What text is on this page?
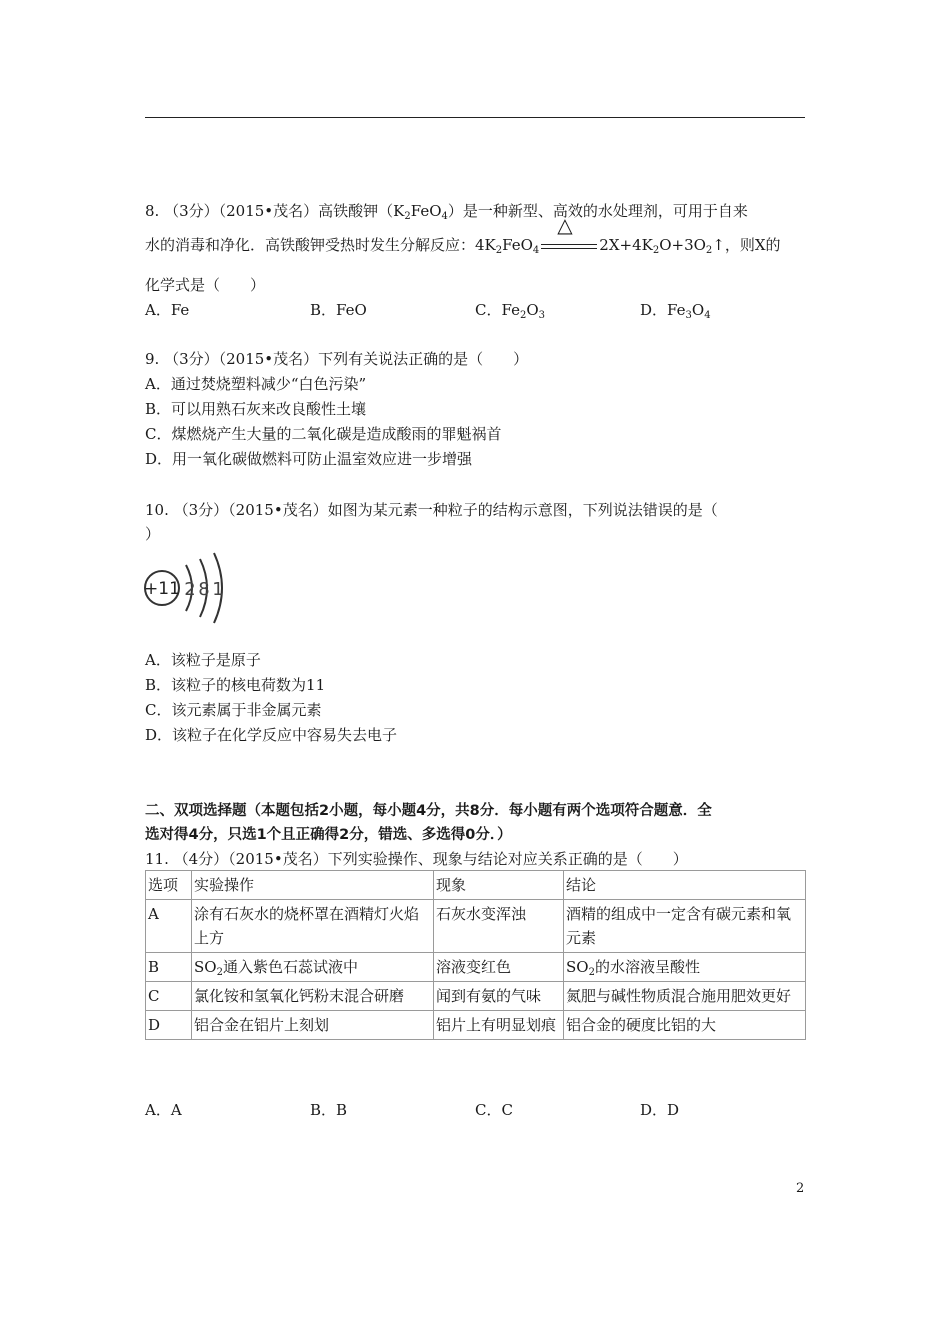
8. （3分）（2015•茂名）高铁酸钾$(K_2FeO_4)$是一种新型、高效的水处理剂，可用于自来
水的消毒和净化．高铁酸钾受热时发生分解反应：$4K_2FeO_4$
△
$2X+4K_2O+3O_2↑$，则X的
化学式是（　　）
A．Fe	B．FeO	C．$Fe_2O_3$	D．$Fe_3O_4$
9. （3分）（2015•茂名）下列有关说法正确的是（　　）
A．通过焚烧塑料减少“白色污染”
B．可以用熟石灰来改良酸性土壤
C．煤燃烧产生大量的二氧化碳是造成酸雨的罪魁祸首
D．用一氧化碳做燃料可防止温室效应进一步增强
10. （3分）（2015•茂名）如图为某元素一种粒子的结构示意图，下列说法错误的是（
）
+11 2 8 1
A．该粒子是原子
B．该粒子的核电荷数为11
C．该元素属于非金属元素
D．该粒子在化学反应中容易失去电子
二、双项选择题（本题包括2小题，每小题4分，共8分．每小题有两个选项符合题意．全
选对得4分，只选1个且正确得2分，错选、多选得0分．）
11. （4分）（2015•茂名）下列实验操作、现象与结论对应关系正确的是（　　）
选项	实验操作	现象	结论
A	涂有石灰水的烧杯罩在酒精灯火焰上方	石灰水变浑浊	酒精的组成中一定含有碳元素和氧元素
B	$SO_2$通入紫色石蕊试液中	溶液变红色	$SO_2$的水溶液呈酸性
C	氯化铵和氢氧化钙粉末混合研磨	闻到有氨的气味	氮肥与碱性物质混合施用肥效更好
D	铝合金在铝片上刻划	铝片上有明显划痕	铝合金的硬度比铝的大
A．A	B．B	C．C	D．D
2
